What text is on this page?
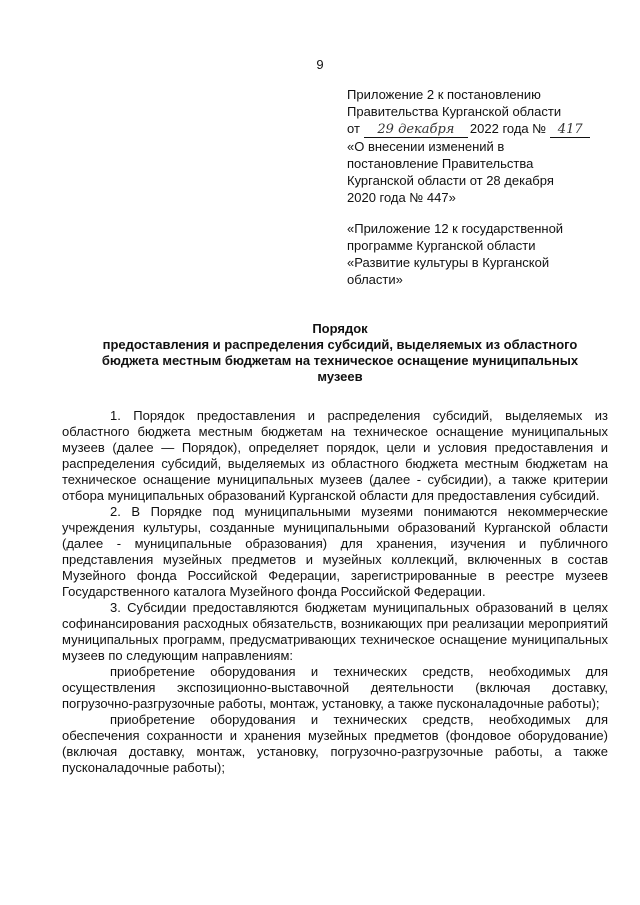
9
Приложение 2 к постановлению
Правительства Курганской области
от 29 декабря 2022 года № 417
«О внесении изменений в
постановление Правительства
Курганской области от 28 декабря
2020 года № 447»
«Приложение 12 к государственной
программе Курганской области
«Развитие культуры в Курганской
области»
Порядок
предоставления и распределения субсидий, выделяемых из областного
бюджета местным бюджетам на техническое оснащение муниципальных
музеев

1. Порядок предоставления и распределения субсидий, выделяемых из областного бюджета местным бюджетам на техническое оснащение муниципальных музеев (далее — Порядок), определяет порядок, цели и условия предоставления и распределения субсидий, выделяемых из областного бюджета местным бюджетам на техническое оснащение муниципальных музеев (далее - субсидии), а также критерии отбора муниципальных образований Курганской области для предоставления субсидий.

2. В Порядке под муниципальными музеями понимаются некоммерческие учреждения культуры, созданные муниципальными образований Курганской области (далее - муниципальные образования) для хранения, изучения и публичного представления музейных предметов и музейных коллекций, включенных в состав Музейного фонда Российской Федерации, зарегистрированные в реестре музеев Государственного каталога Музейного фонда Российской Федерации.

3. Субсидии предоставляются бюджетам муниципальных образований в целях софинансирования расходных обязательств, возникающих при реализации мероприятий муниципальных программ, предусматривающих техническое оснащение муниципальных музеев по следующим направлениям:

приобретение оборудования и технических средств, необходимых для осуществления экспозиционно-выставочной деятельности (включая доставку, погрузочно-разгрузочные работы, монтаж, установку, а также пусконаладочные работы);

приобретение оборудования и технических средств, необходимых для обеспечения сохранности и хранения музейных предметов (фондовое оборудование) (включая доставку, монтаж, установку, погрузочно-разгрузочные работы, а также пусконаладочные работы);
